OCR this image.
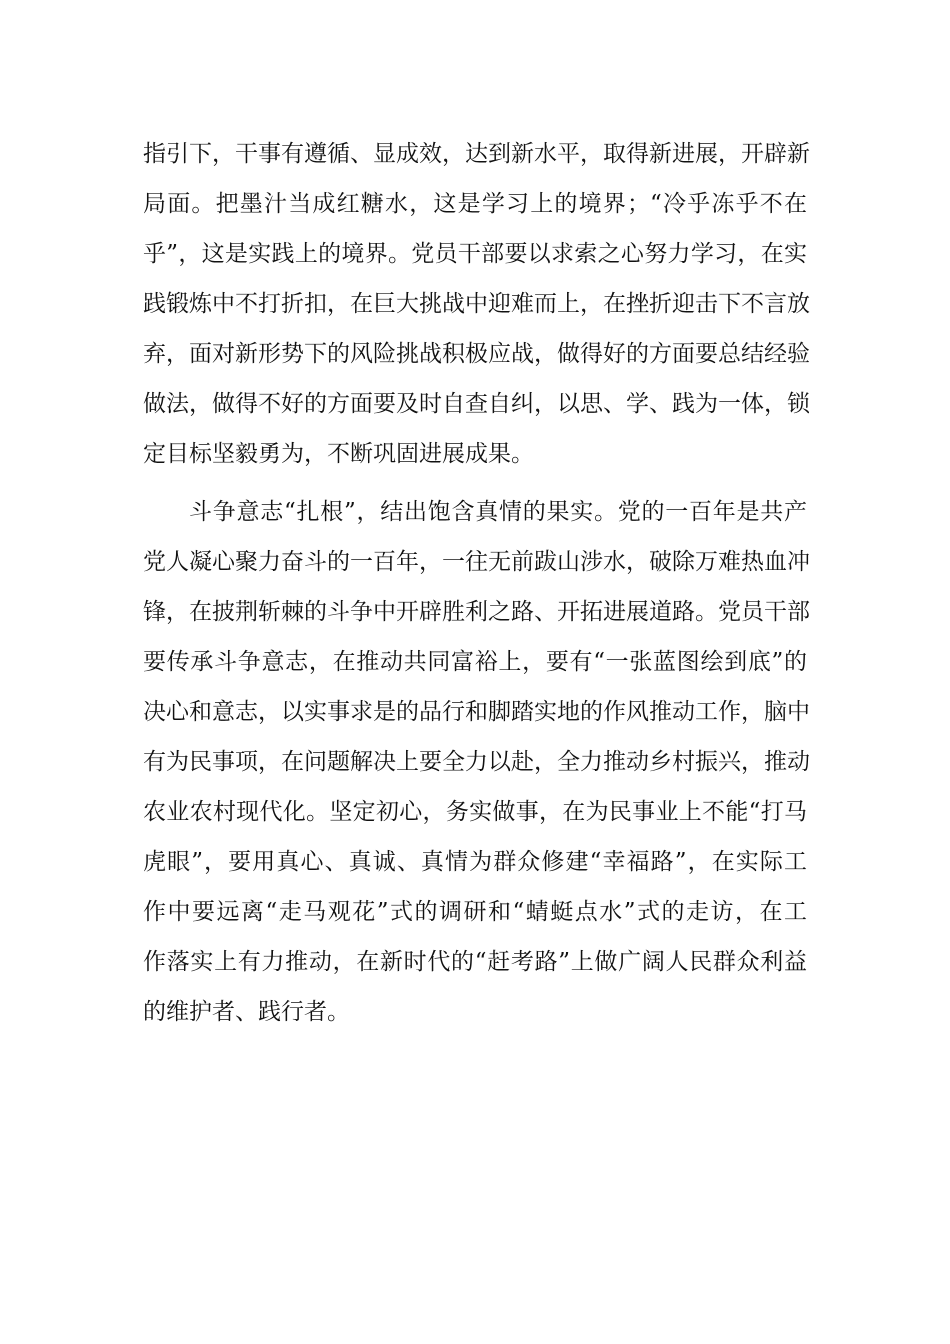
指引下，干事有遵循、显成效，达到新水平，取得新进展，开辟新
局面。把墨汁当成红糖水，这是学习上的境界；“冷乎冻乎不在
乎”，这是实践上的境界。党员干部要以求索之心努力学习，在实
践锻炼中不打折扣，在巨大挑战中迎难而上，在挫折迎击下不言放
弃，面对新形势下的风险挑战积极应战，做得好的方面要总结经验
做法，做得不好的方面要及时自查自纠，以思、学、践为一体，锁
定目标坚毅勇为，不断巩固进展成果。
斗争意志“扎根”，结出饱含真情的果实。党的一百年是共产
党人凝心聚力奋斗的一百年，一往无前跋山涉水，破除万难热血冲
锋，在披荆斩棘的斗争中开辟胜利之路、开拓进展道路。党员干部
要传承斗争意志，在推动共同富裕上，要有“一张蓝图绘到底”的
决心和意志，以实事求是的品行和脚踏实地的作风推动工作，脑中
有为民事项，在问题解决上要全力以赴，全力推动乡村振兴，推动
农业农村现代化。坚定初心，务实做事，在为民事业上不能“打马
虎眼”，要用真心、真诚、真情为群众修建“幸福路”，在实际工
作中要远离“走马观花”式的调研和“蜻蜓点水”式的走访，在工
作落实上有力推动，在新时代的“赶考路”上做广阔人民群众利益
的维护者、践行者。
